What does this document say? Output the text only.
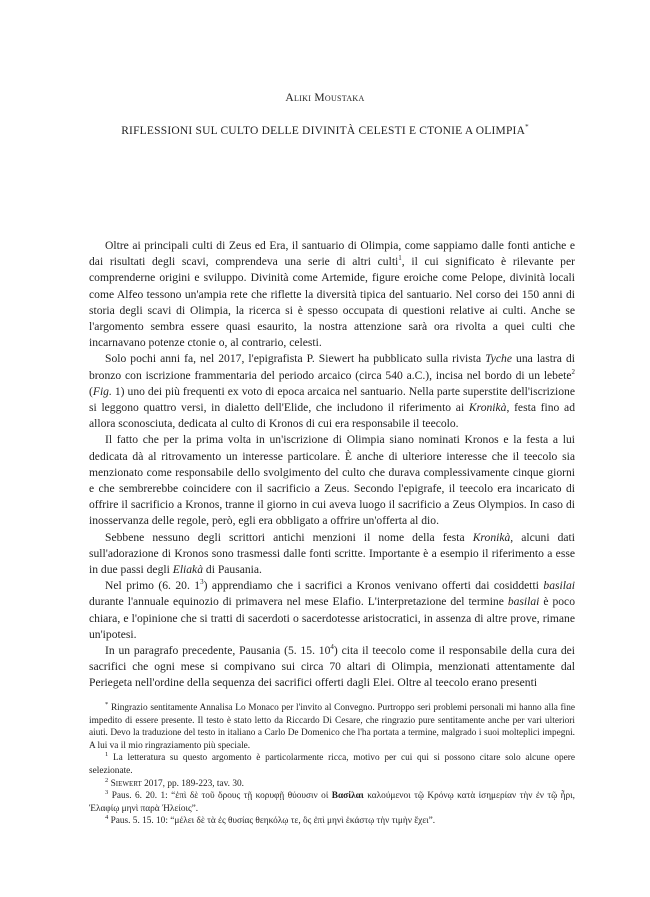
Aliki Moustaka
RIFLESSIONI SUL CULTO DELLE DIVINITÀ CELESTI E CTONIE A OLIMPIA*

Oltre ai principali culti di Zeus ed Era, il santuario di Olimpia, come sappiamo dalle fonti antiche e dai risultati degli scavi, comprendeva una serie di altri culti$^1$, il cui significato è rilevante per comprenderne origini e sviluppo. Divinità come Artemide, figure eroiche come Pelope, divinità locali come Alfeo tessono un'ampia rete che riflette la diversità tipica del santuario. Nel corso dei 150 anni di storia degli scavi di Olimpia, la ricerca si è spesso occupata di questioni relative ai culti. Anche se l'argomento sembra essere quasi esaurito, la nostra attenzione sarà ora rivolta a quei culti che incarnavano potenze ctonie o, al contrario, celesti.

Solo pochi anni fa, nel 2017, l'epigrafista P. Siewert ha pubblicato sulla rivista Tyche una lastra di bronzo con iscrizione frammentaria del periodo arcaico (circa 540 a.C.), incisa nel bordo di un lebete$^2$ (Fig. 1) uno dei più frequenti ex voto di epoca arcaica nel santuario. Nella parte superstite dell'iscrizione si leggono quattro versi, in dialetto dell'Elide, che includono il riferimento ai Kronikà, festa fino ad allora sconosciuta, dedicata al culto di Kronos di cui era responsabile il teecolo.

Il fatto che per la prima volta in un'iscrizione di Olimpia siano nominati Kronos e la festa a lui dedicata dà al ritrovamento un interesse particolare. È anche di ulteriore interesse che il teecolo sia menzionato come responsabile dello svolgimento del culto che durava complessivamente cinque giorni e che sembrerebbe coincidere con il sacrificio a Zeus. Secondo l'epigrafe, il teecolo era incaricato di offrire il sacrificio a Kronos, tranne il giorno in cui aveva luogo il sacrificio a Zeus Olympios. In caso di inosservanza delle regole, però, egli era obbligato a offrire un'offerta al dio.

Sebbene nessuno degli scrittori antichi menzioni il nome della festa Kronikà, alcuni dati sull'adorazione di Kronos sono trasmessi dalle fonti scritte. Importante è a esempio il riferimento a esse in due passi degli Eliakà di Pausania.

Nel primo (6. 20. $1^3$) apprendiamo che i sacrifici a Kronos venivano offerti dai cosiddetti basilai durante l'annuale equinozio di primavera nel mese Elafio. L'interpretazione del termine basilai è poco chiara, e l'opinione che si tratti di sacerdoti o sacerdotesse aristocratici, in assenza di altre prove, rimane un'ipotesi.

In un paragrafo precedente, Pausania (5. 15. $10^4$) cita il teecolo come il responsabile della cura dei sacrifici che ogni mese si compivano sui circa 70 altari di Olimpia, menzionati attentamente dal Periegeta nell'ordine della sequenza dei sacrifici offerti dagli Elei. Oltre al teecolo erano presenti

* Ringrazio sentitamente Annalisa Lo Monaco per l'invito al Convegno. Purtroppo seri problemi personali mi hanno alla fine impedito di essere presente. Il testo è stato letto da Riccardo Di Cesare, che ringrazio pure sentitamente anche per vari ulteriori aiuti. Devo la traduzione del testo in italiano a Carlo De Domenico che l'ha portata a termine, malgrado i suoi molteplici impegni. A lui va il mio ringraziamento più speciale.

$^1$ La letteratura su questo argomento è particolarmente ricca, motivo per cui qui si possono citare solo alcune opere selezionate.

$^2$ Siewert 2017, pp. 189-223, tav. 30.

$^3$ Paus. 6. 20. 1: “ἐπὶ δὲ τοῦ ὄρους τῇ κορυφῇ θύουσιν οἱ Βασίλαι καλούμενοι τῷ Κρόνῳ κατὰ ἰσημερίαν τὴν ἐν τῷ ἦρι, Ἐλαφίῳ μηνὶ παρὰ Ἠλείοις”.

$^4$ Paus. 5. 15. 10: “μέλει δὲ τὰ ἐς θυσίας θεηκόλῳ τε, ὃς ἐπὶ μηνὶ ἑκάστῳ τὴν τιμὴν ἔχει”.
